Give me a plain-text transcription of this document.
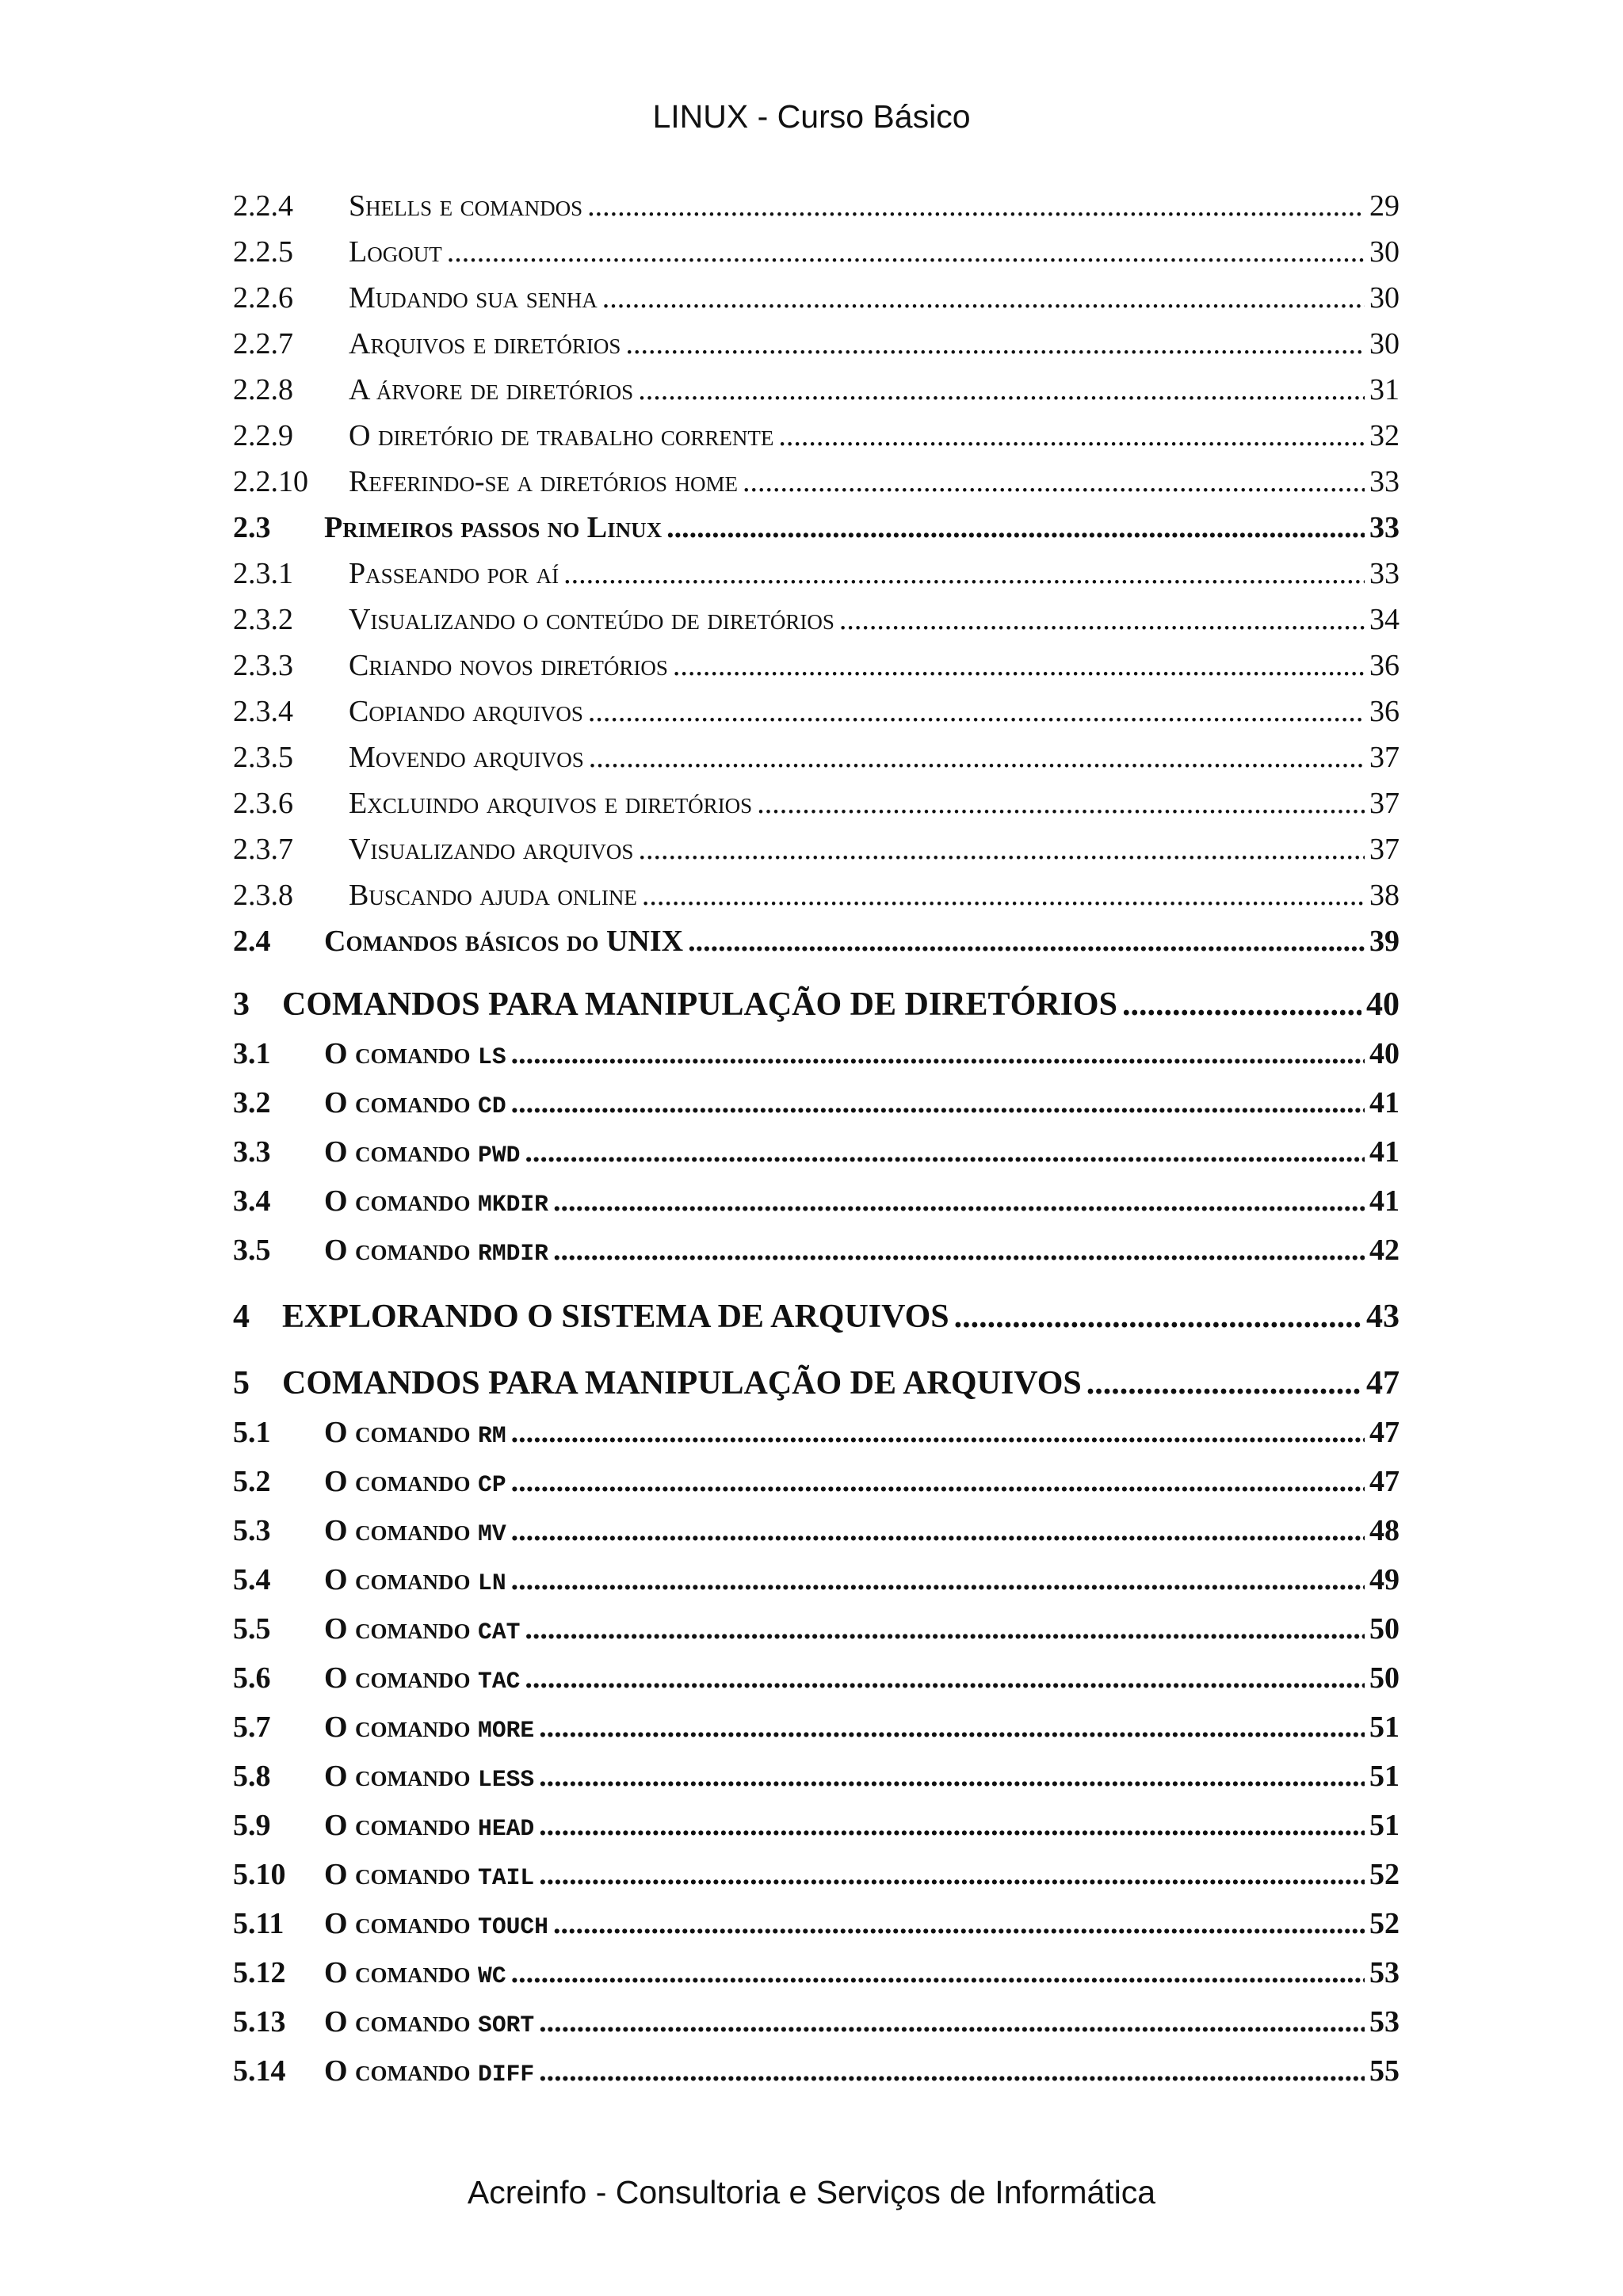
LINUX - Curso Básico
2.2.4	Shells e comandos .....	29
2.2.5	Logout .....	30
2.2.6	Mudando sua senha .....	30
2.2.7	Arquivos e diretórios .....	30
2.2.8	A árvore de diretórios .....	31
2.2.9	O diretório de trabalho corrente .....	32
2.2.10	Referindo-se a diretórios home .....	33
2.3	Primeiros passos no Linux .....	33
2.3.1	Passeando por aí .....	33
2.3.2	Visualizando o conteúdo de diretórios .....	34
2.3.3	Criando novos diretórios .....	36
2.3.4	Copiando arquivos .....	36
2.3.5	Movendo arquivos .....	37
2.3.6	Excluindo arquivos e diretórios .....	37
2.3.7	Visualizando arquivos .....	37
2.3.8	Buscando ajuda online .....	38
2.4	Comandos básicos do UNIX .....	39
3 COMANDOS PARA MANIPULAÇÃO DE DIRETÓRIOS .....	40
3.1	O comando LS .....	40
3.2	O comando CD .....	41
3.3	O comando PWD .....	41
3.4	O comando MKDIR .....	41
3.5	O comando RMDIR .....	42
4 EXPLORANDO O SISTEMA DE ARQUIVOS .....	43
5 COMANDOS PARA MANIPULAÇÃO DE ARQUIVOS .....	47
5.1	O comando RM .....	47
5.2	O comando CP .....	47
5.3	O comando MV .....	48
5.4	O comando LN .....	49
5.5	O comando CAT .....	50
5.6	O comando TAC .....	50
5.7	O comando MORE .....	51
5.8	O comando LESS .....	51
5.9	O comando HEAD .....	51
5.10	O comando TAIL .....	52
5.11	O comando TOUCH .....	52
5.12	O comando WC .....	53
5.13	O comando SORT .....	53
5.14	O comando DIFF .....	55
Acreinfo - Consultoria e Serviços de Informática
